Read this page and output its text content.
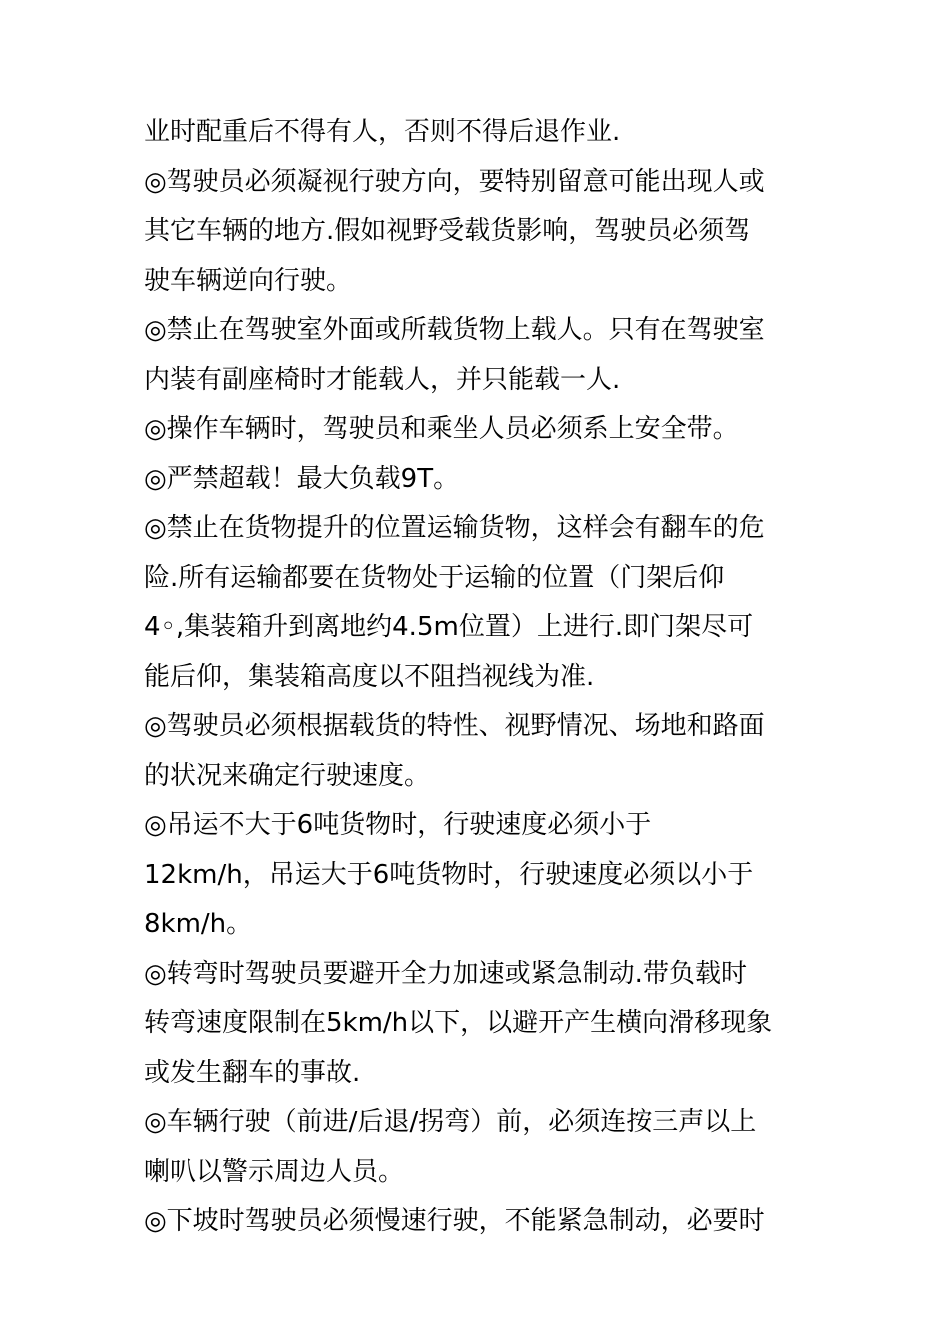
业时配重后不得有人，否则不得后退作业.
◎驾驶员必须凝视行驶方向，要特别留意可能出现人或
其它车辆的地方.假如视野受载货影响，驾驶员必须驾
驶车辆逆向行驶。
◎禁止在驾驶室外面或所载货物上载人。只有在驾驶室
内装有副座椅时才能载人，并只能载一人.
◎操作车辆时，驾驶员和乘坐人员必须系上安全带。
◎严禁超载！最大负载9T。
◎禁止在货物提升的位置运输货物，这样会有翻车的危
险.所有运输都要在货物处于运输的位置（门架后仰
4◦,集装箱升到离地约4.5m位置）上进行.即门架尽可
能后仰，集装箱高度以不阻挡视线为准.
◎驾驶员必须根据载货的特性、视野情况、场地和路面
的状况来确定行驶速度。
◎吊运不大于6吨货物时，行驶速度必须小于
12km/h，吊运大于6吨货物时，行驶速度必须以小于
8km/h。
◎转弯时驾驶员要避开全力加速或紧急制动.带负载时
转弯速度限制在5km/h以下，以避开产生横向滑移现象
或发生翻车的事故.
◎车辆行驶（前进/后退/拐弯）前，必须连按三声以上
喇叭以警示周边人员。
◎下坡时驾驶员必须慢速行驶，不能紧急制动，必要时
